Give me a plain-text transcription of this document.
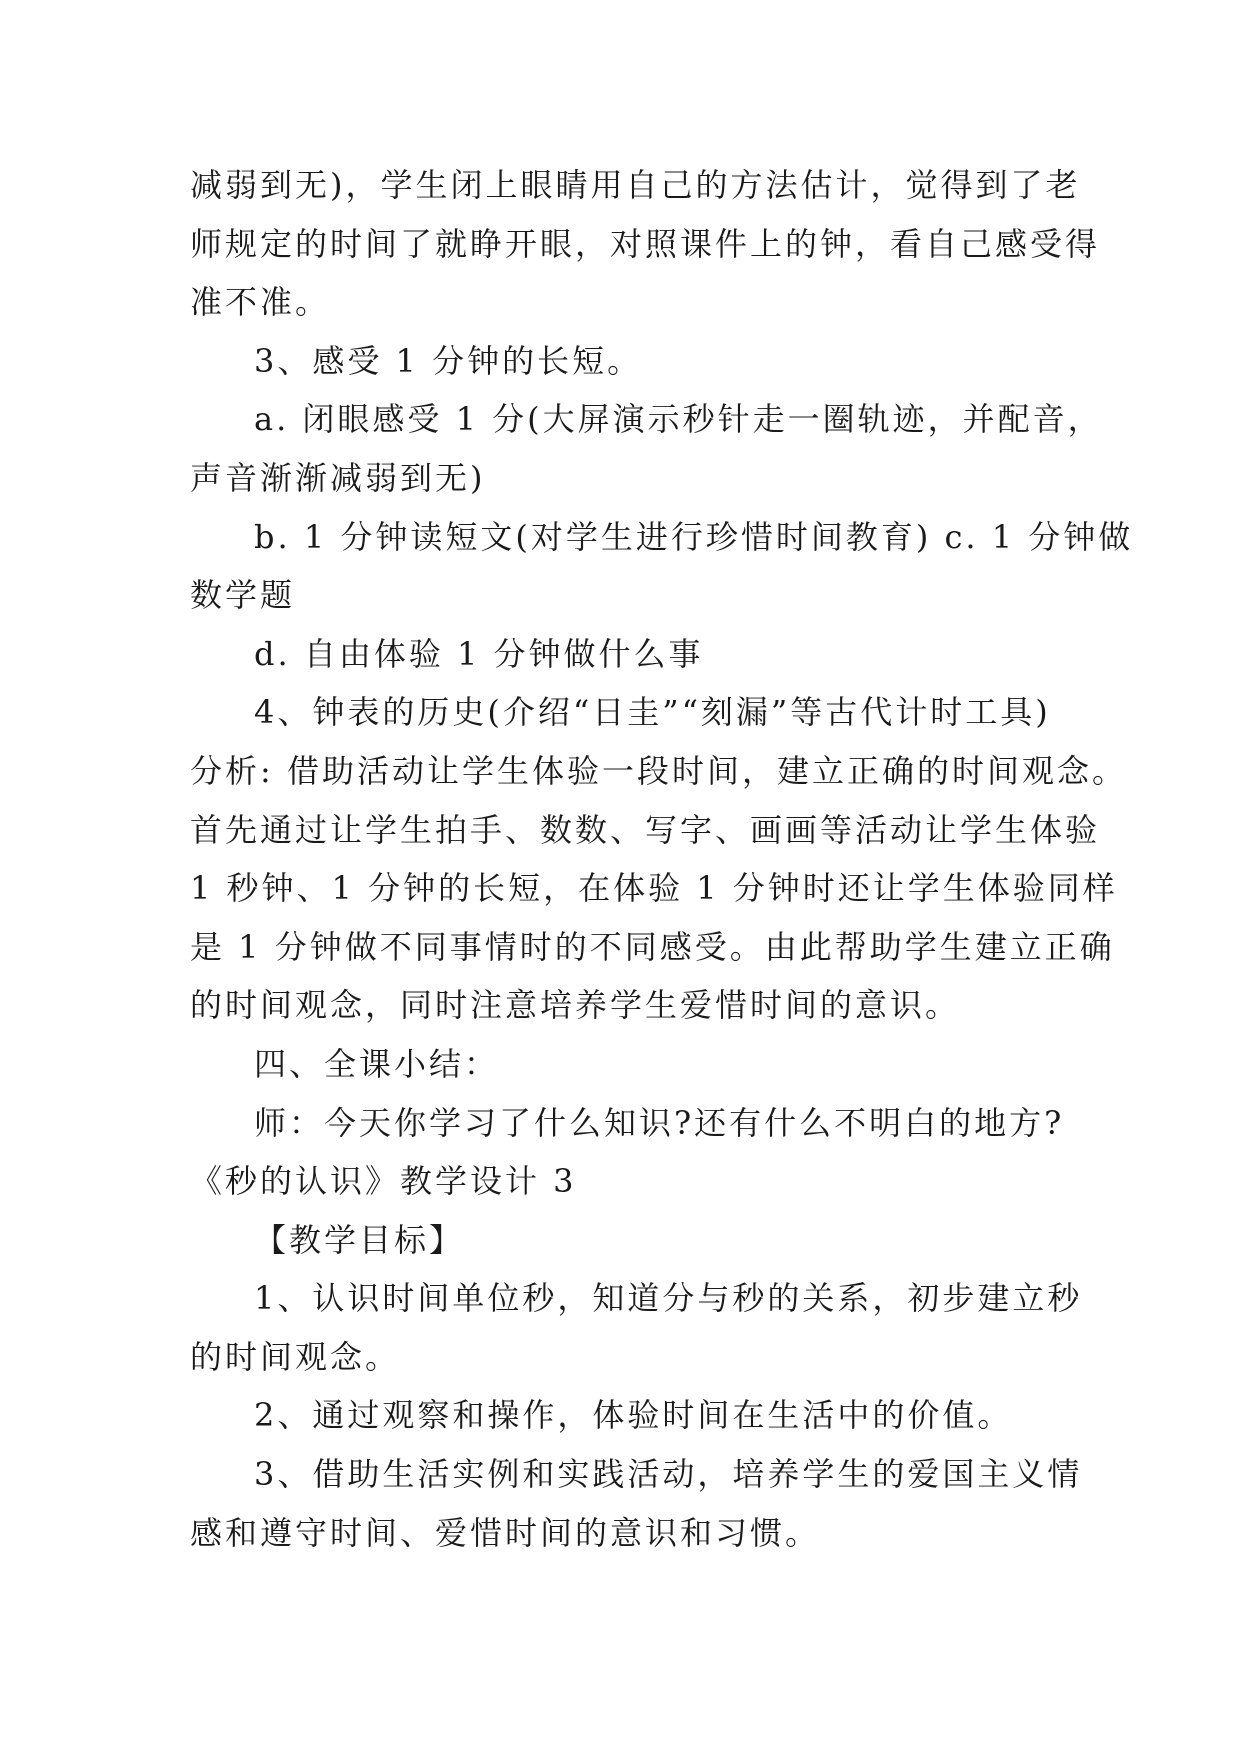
减弱到无)，学生闭上眼睛用自己的方法估计，觉得到了老
师规定的时间了就睁开眼，对照课件上的钟，看自己感受得
准不准。
3、感受 1 分钟的长短。
a. 闭眼感受 1 分(大屏演示秒针走一圈轨迹，并配音，
声音渐渐减弱到无)
b. 1 分钟读短文(对学生进行珍惜时间教育) c. 1 分钟做
数学题
d. 自由体验 1 分钟做什么事
4、钟表的历史(介绍“日圭”“刻漏”等古代计时工具)
分析: 借助活动让学生体验一段时间，建立正确的时间观念。
首先通过让学生拍手、数数、写字、画画等活动让学生体验
1 秒钟、1 分钟的长短，在体验 1 分钟时还让学生体验同样
是 1 分钟做不同事情时的不同感受。由此帮助学生建立正确
的时间观念，同时注意培养学生爱惜时间的意识。
四、全课小结：
师：今天你学习了什么知识?还有什么不明白的地方?
《秒的认识》教学设计 3
【教学目标】
1、认识时间单位秒，知道分与秒的关系，初步建立秒
的时间观念。
2、通过观察和操作，体验时间在生活中的价值。
3、借助生活实例和实践活动，培养学生的爱国主义情
感和遵守时间、爱惜时间的意识和习惯。
